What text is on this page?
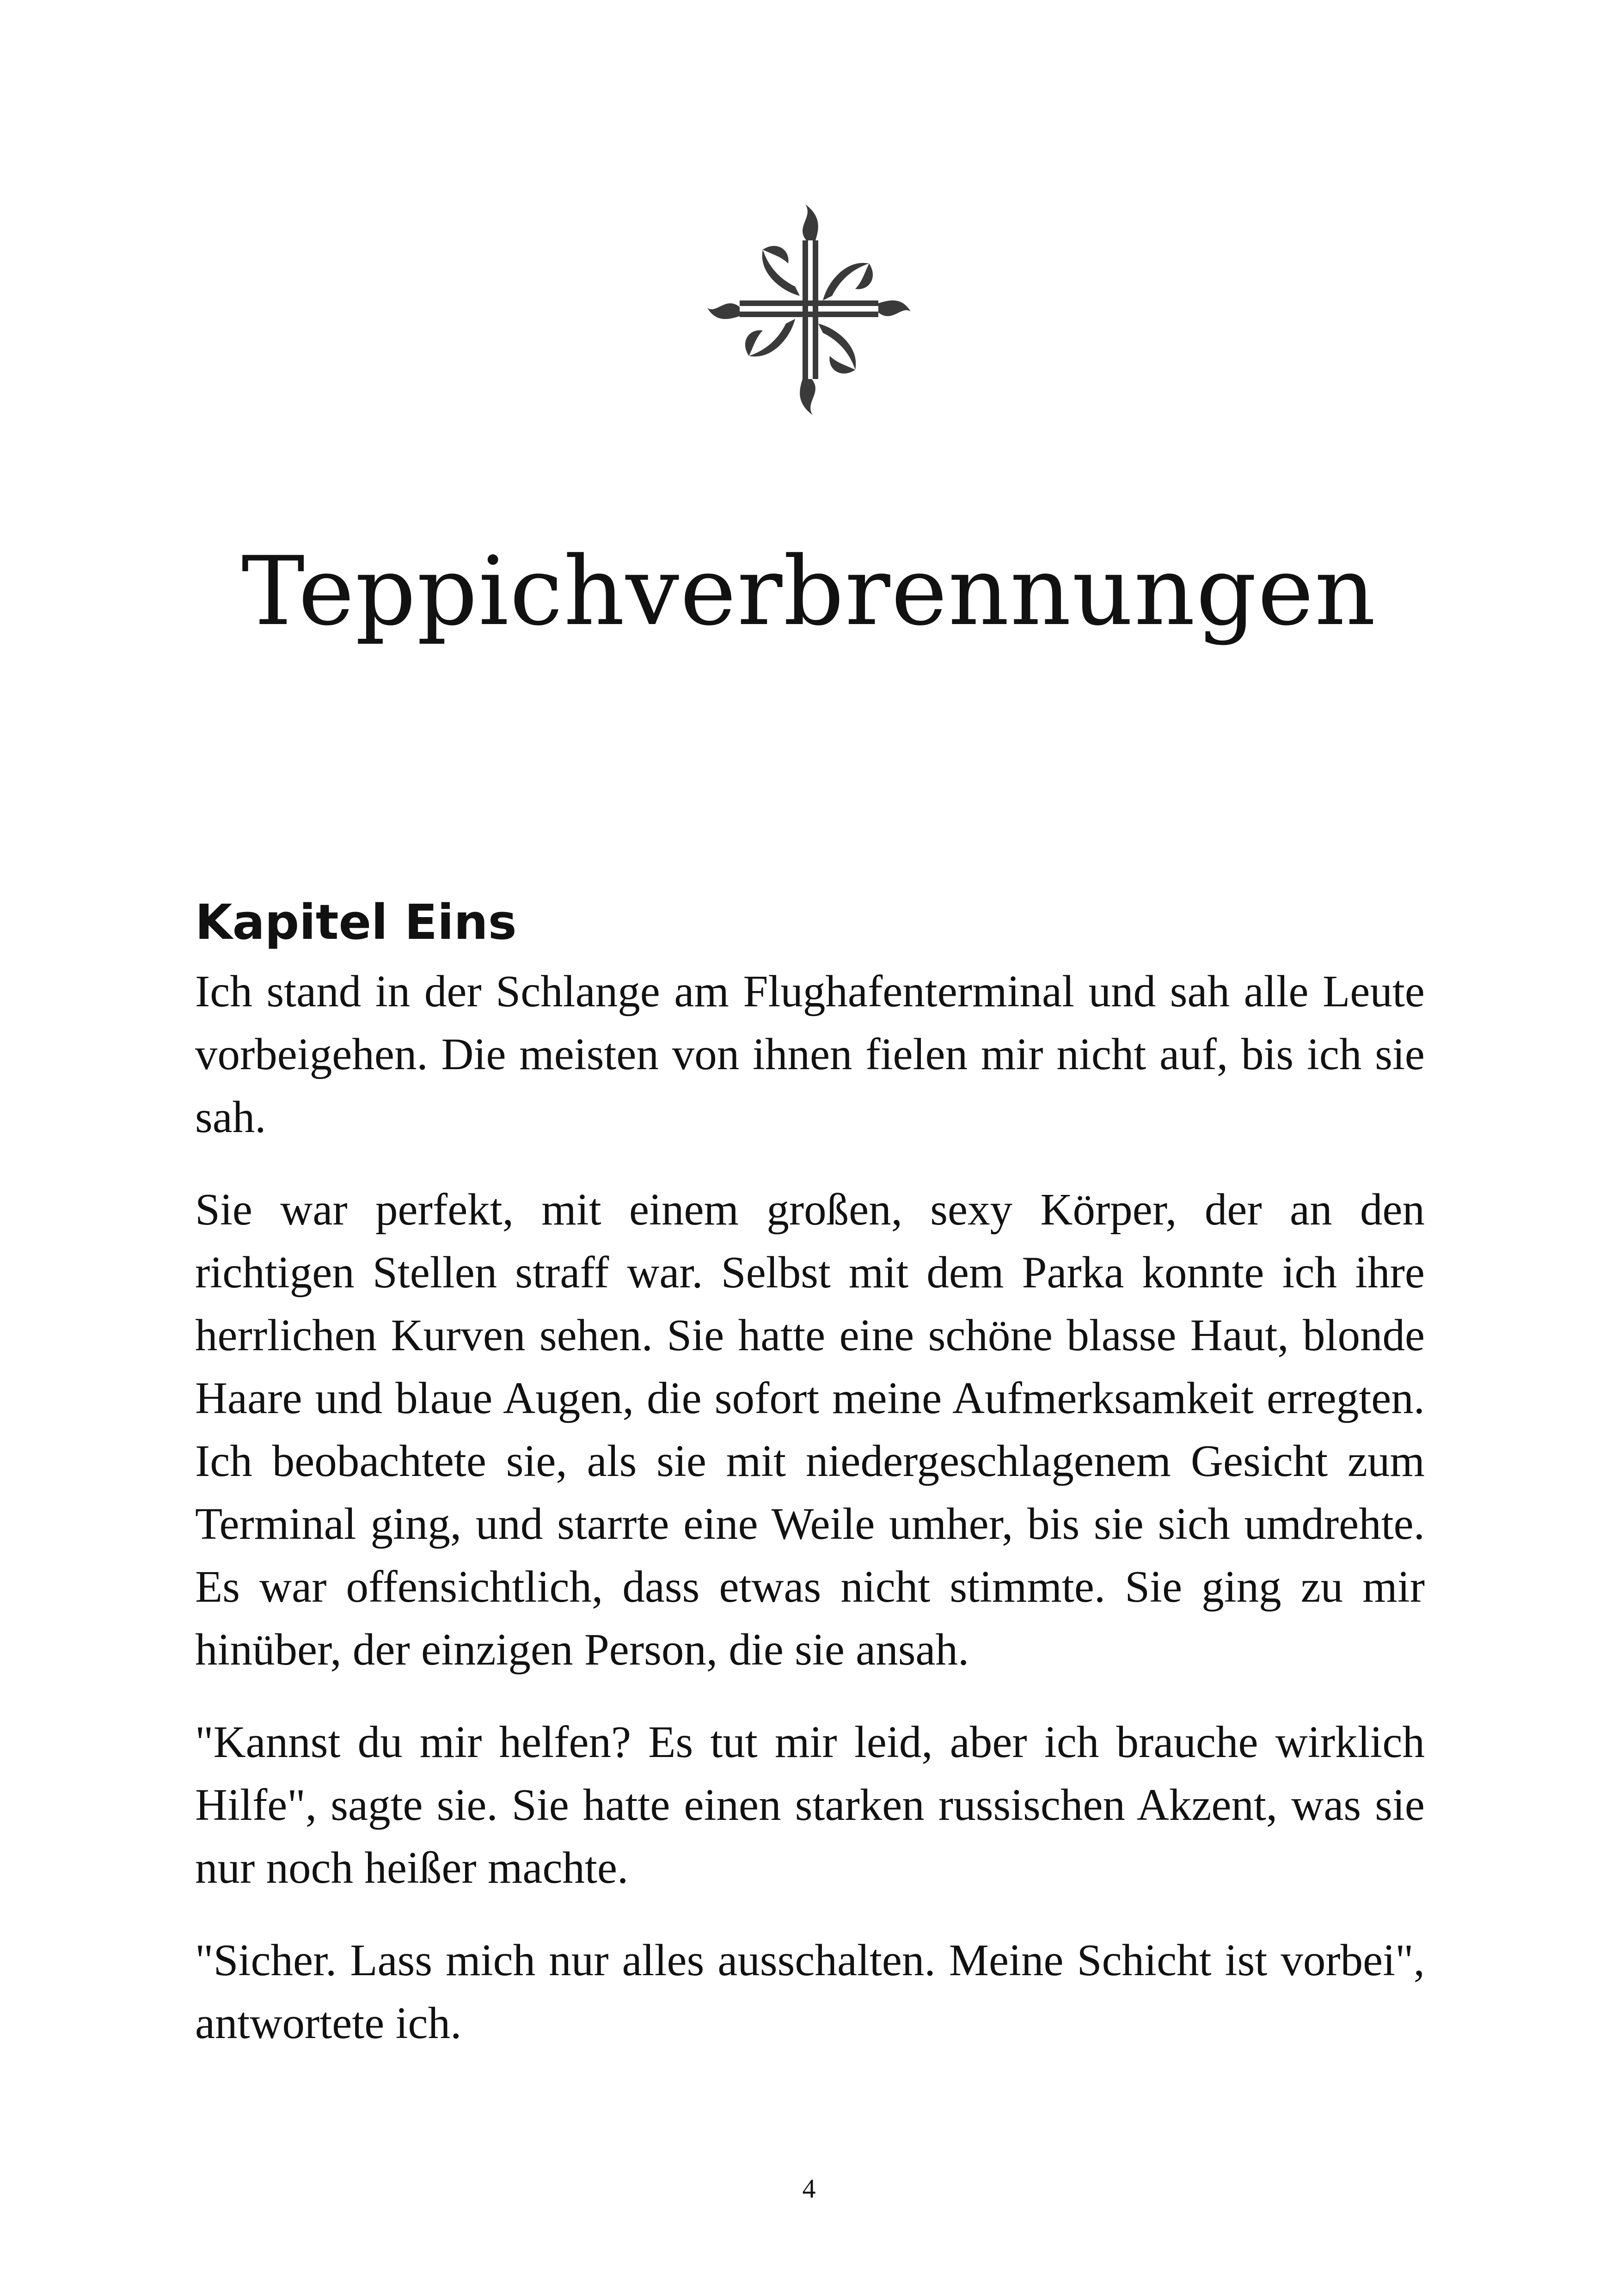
Teppichverbrennungen
Kapitel Eins

Ich stand in der Schlange am Flughafenterminal und sah alle Leute vorbeigehen. Die meisten von ihnen fielen mir nicht auf, bis ich sie sah.

Sie war perfekt, mit einem großen, sexy Körper, der an den richtigen Stellen straff war. Selbst mit dem Parka konnte ich ihre herrlichen Kurven sehen. Sie hatte eine schöne blasse Haut, blonde Haare und blaue Augen, die sofort meine Aufmerksamkeit erregten. Ich beobachtete sie, als sie mit niedergeschlagenem Gesicht zum Terminal ging, und starrte eine Weile umher, bis sie sich umdrehte. Es war offensichtlich, dass etwas nicht stimmte. Sie ging zu mir hinüber, der einzigen Person, die sie ansah.

"Kannst du mir helfen? Es tut mir leid, aber ich brauche wirklich Hilfe", sagte sie. Sie hatte einen starken russischen Akzent, was sie nur noch heißer machte.

"Sicher. Lass mich nur alles ausschalten. Meine Schicht ist vorbei", antwortete ich.

4
